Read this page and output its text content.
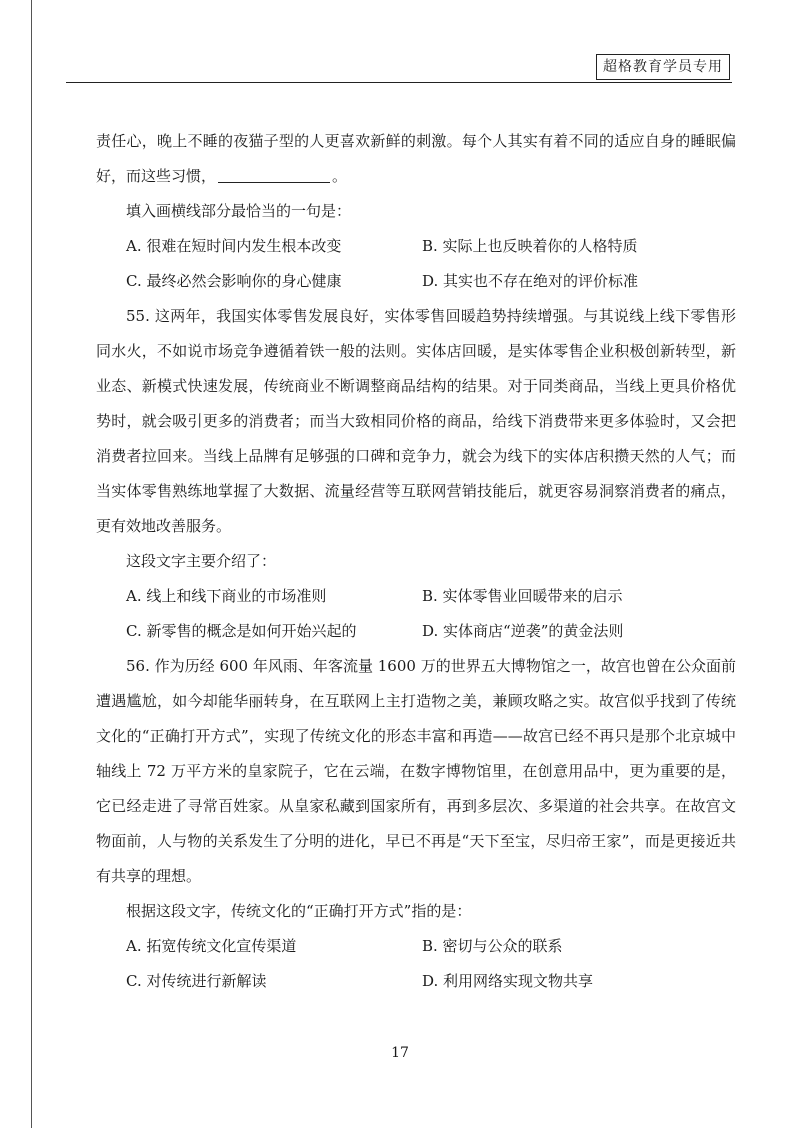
超格教育学员专用

责任心，晚上不睡的夜猫子型的人更喜欢新鲜的刺激。每个人其实有着不同的适应自身的睡眠偏好，而这些习惯，	。

填入画横线部分最恰当的一句是：

A. 很难在短时间内发生根本改变	B. 实际上也反映着你的人格特质
C. 最终必然会影响你的身心健康	D. 其实也不存在绝对的评价标准

55. 这两年，我国实体零售发展良好，实体零售回暖趋势持续增强。与其说线上线下零售形同水火，不如说市场竞争遵循着铁一般的法则。实体店回暖，是实体零售企业积极创新转型，新业态、新模式快速发展，传统商业不断调整商品结构的结果。对于同类商品，当线上更具价格优势时，就会吸引更多的消费者；而当大致相同价格的商品，给线下消费带来更多体验时，又会把消费者拉回来。当线上品牌有足够强的口碑和竞争力，就会为线下的实体店积攒天然的人气；而当实体零售熟练地掌握了大数据、流量经营等互联网营销技能后，就更容易洞察消费者的痛点，更有效地改善服务。

这段文字主要介绍了：

A. 线上和线下商业的市场准则	B. 实体零售业回暖带来的启示
C. 新零售的概念是如何开始兴起的	D. 实体商店“逆袭”的黄金法则

56. 作为历经 600 年风雨、年客流量 1600 万的世界五大博物馆之一，故宫也曾在公众面前遭遇尴尬，如今却能华丽转身，在互联网上主打造物之美，兼顾攻略之实。故宫似乎找到了传统文化的“正确打开方式”，实现了传统文化的形态丰富和再造——故宫已经不再只是那个北京城中轴线上 72 万平方米的皇家院子，它在云端，在数字博物馆里，在创意用品中，更为重要的是，它已经走进了寻常百姓家。从皇家私藏到国家所有，再到多层次、多渠道的社会共享。在故宫文物面前，人与物的关系发生了分明的进化，早已不再是“天下至宝，尽归帝王家”，而是更接近共有共享的理想。

根据这段文字，传统文化的“正确打开方式”指的是：

A. 拓宽传统文化宣传渠道	B. 密切与公众的联系
C. 对传统进行新解读	D. 利用网络实现文物共享
17
